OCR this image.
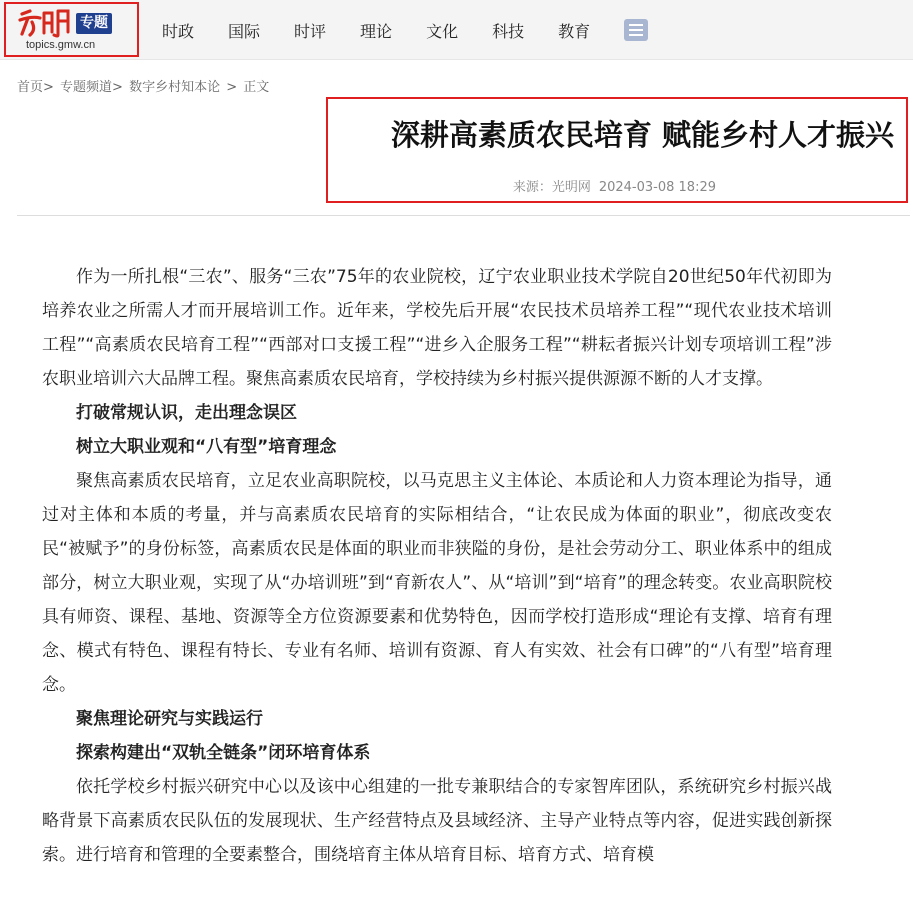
专题
topics.gmw.cn
时政 国际 时评 理论 文化 科技 教育
首页> 专题频道> 数字乡村知本论 > 正文
深耕高素质农民培育 赋能乡村人才振兴
来源：光明网 2024-03-08 18:29

作为一所扎根“三农”、服务“三农”75年的农业院校，辽宁农业职业技术学院自20世纪50年代初即为培养农业之所需人才而开展培训工作。近年来，学校先后开展“农民技术员培养工程”“现代农业技术培训工程”“高素质农民培育工程”“西部对口支援工程”“进乡入企服务工程”“耕耘者振兴计划专项培训工程”涉农职业培训六大品牌工程。聚焦高素质农民培育，学校持续为乡村振兴提供源源不断的人才支撑。

打破常规认识，走出理念误区

树立大职业观和“八有型”培育理念

聚焦高素质农民培育，立足农业高职院校，以马克思主义主体论、本质论和人力资本理论为指导，通过对主体和本质的考量，并与高素质农民培育的实际相结合，“让农民成为体面的职业”，彻底改变农民“被赋予”的身份标签，高素质农民是体面的职业而非狭隘的身份，是社会劳动分工、职业体系中的组成部分，树立大职业观，实现了从“办培训班”到“育新农人”、从“培训”到“培育”的理念转变。农业高职院校具有师资、课程、基地、资源等全方位资源要素和优势特色，因而学校打造形成“理论有支撑、培育有理念、模式有特色、课程有特长、专业有名师、培训有资源、育人有实效、社会有口碑”的“八有型”培育理念。

聚焦理论研究与实践运行

探索构建出“双轨全链条”闭环培育体系

依托学校乡村振兴研究中心以及该中心组建的一批专兼职结合的专家智库团队，系统研究乡村振兴战略背景下高素质农民队伍的发展现状、生产经营特点及县域经济、主导产业特点等内容，促进实践创新探索。进行培育和管理的全要素整合，围绕培育主体从培育目标、培育方式、培育模
